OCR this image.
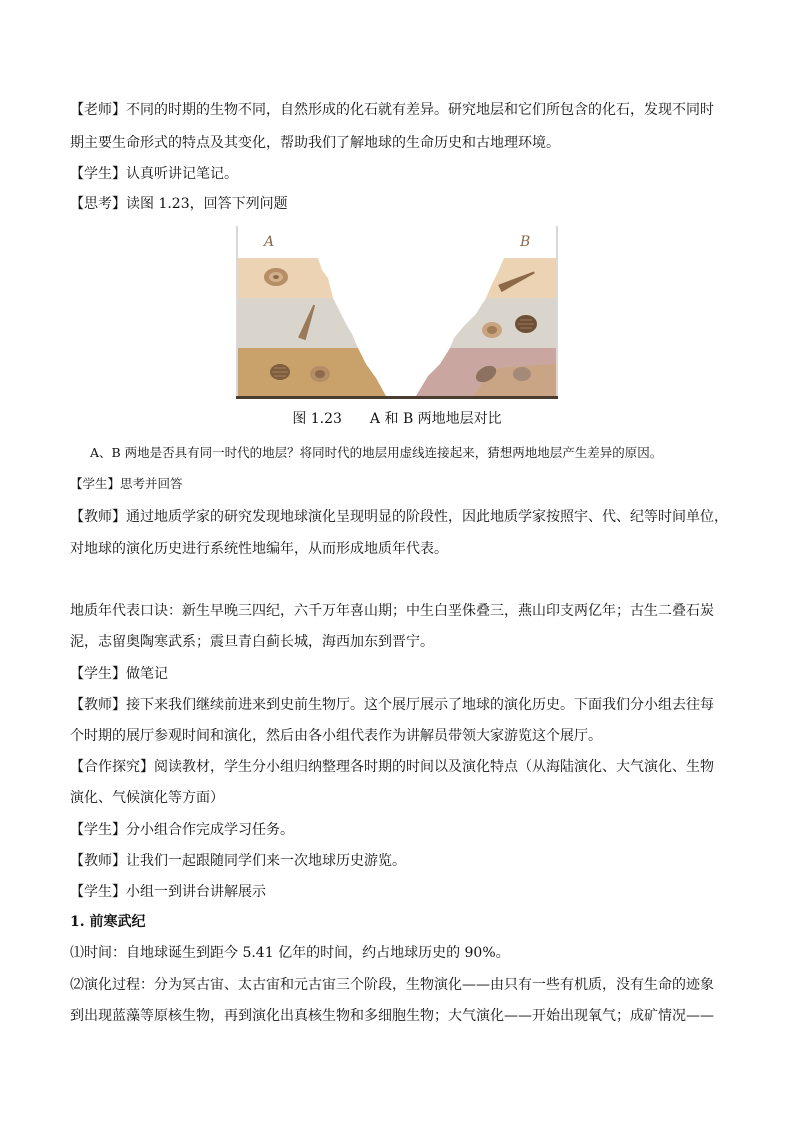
【老师】不同的时期的生物不同，自然形成的化石就有差异。研究地层和它们所包含的化石，发现不同时
期主要生命形式的特点及其变化，帮助我们了解地球的生命历史和古地理环境。
【学生】认真听讲记笔记。
【思考】读图 1.23，回答下列问题
A	B
图 1.23　　A 和 B 两地地层对比
A、B 两地是否具有同一时代的地层？将同时代的地层用虚线连接起来，猜想两地地层产生差异的原因。
【学生】思考并回答
【教师】通过地质学家的研究发现地球演化呈现明显的阶段性，因此地质学家按照宇、代、纪等时间单位，
对地球的演化历史进行系统性地编年，从而形成地质年代表。
地质年代表口诀：新生早晚三四纪，六千万年喜山期；中生白垩侏叠三，燕山印支两亿年；古生二叠石炭
泥，志留奥陶寒武系；震旦青白蓟长城，海西加东到晋宁。
【学生】做笔记
【教师】接下来我们继续前进来到史前生物厅。这个展厅展示了地球的演化历史。下面我们分小组去往每
个时期的展厅参观时间和演化，然后由各小组代表作为讲解员带领大家游览这个展厅。
【合作探究】阅读教材，学生分小组归纳整理各时期的时间以及演化特点（从海陆演化、大气演化、生物
演化、气候演化等方面）
【学生】分小组合作完成学习任务。
【教师】让我们一起跟随同学们来一次地球历史游览。
【学生】小组一到讲台讲解展示
1. 前寒武纪
⑴时间：自地球诞生到距今 5.41 亿年的时间，约占地球历史的 90%。
⑵演化过程：分为冥古宙、太古宙和元古宙三个阶段，生物演化——由只有一些有机质，没有生命的迹象
到出现蓝藻等原核生物，再到演化出真核生物和多细胞生物；大气演化——开始出现氧气；成矿情况——
